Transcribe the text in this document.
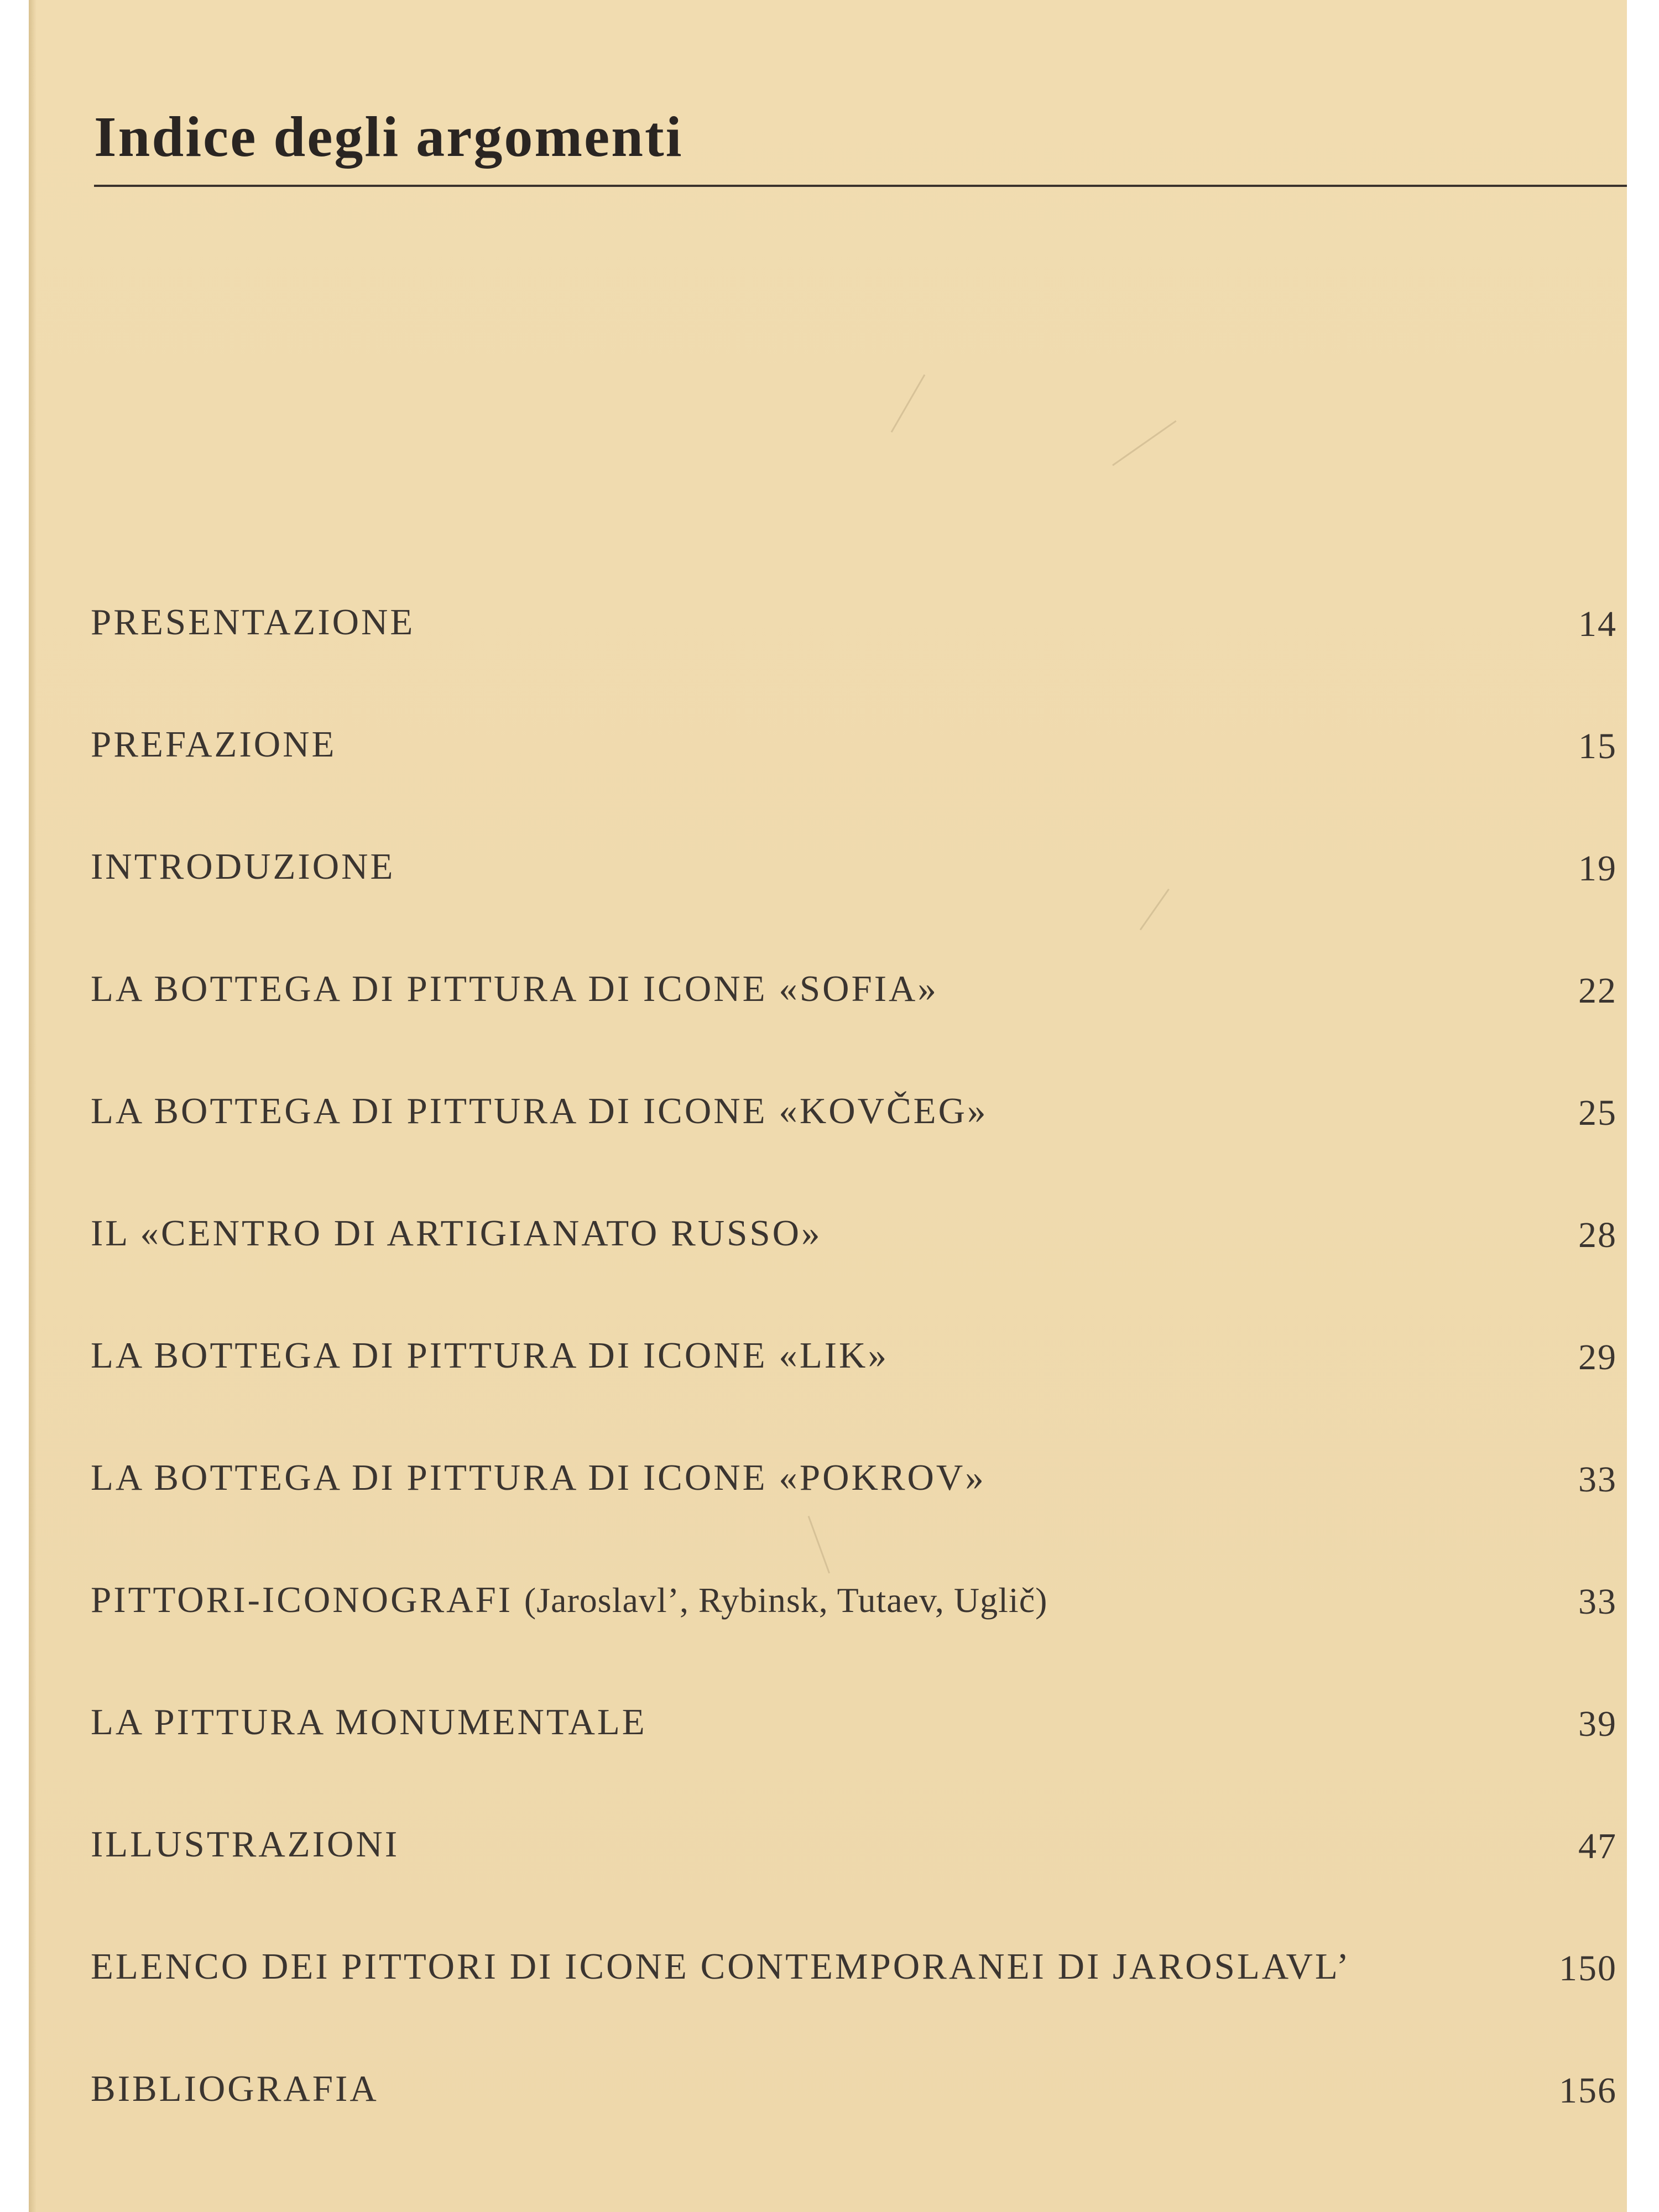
Indice degli argomenti
PRESENTAZIONE	14
PREFAZIONE	15
INTRODUZIONE	19
LA BOTTEGA DI PITTURA DI ICONE «SOFIA»	22
LA BOTTEGA DI PITTURA DI ICONE «KOVČEG»	25
IL «CENTRO DI ARTIGIANATO RUSSO»	28
LA BOTTEGA DI PITTURA DI ICONE «LIK»	29
LA BOTTEGA DI PITTURA DI ICONE «POKROV»	33
PITTORI-ICONOGRAFI (Jaroslavl’, Rybinsk, Tutaev, Uglič)	33
LA PITTURA MONUMENTALE	39
ILLUSTRAZIONI	47
ELENCO DEI PITTORI DI ICONE CONTEMPORANEI DI JAROSLAVL’	150
BIBLIOGRAFIA	156
